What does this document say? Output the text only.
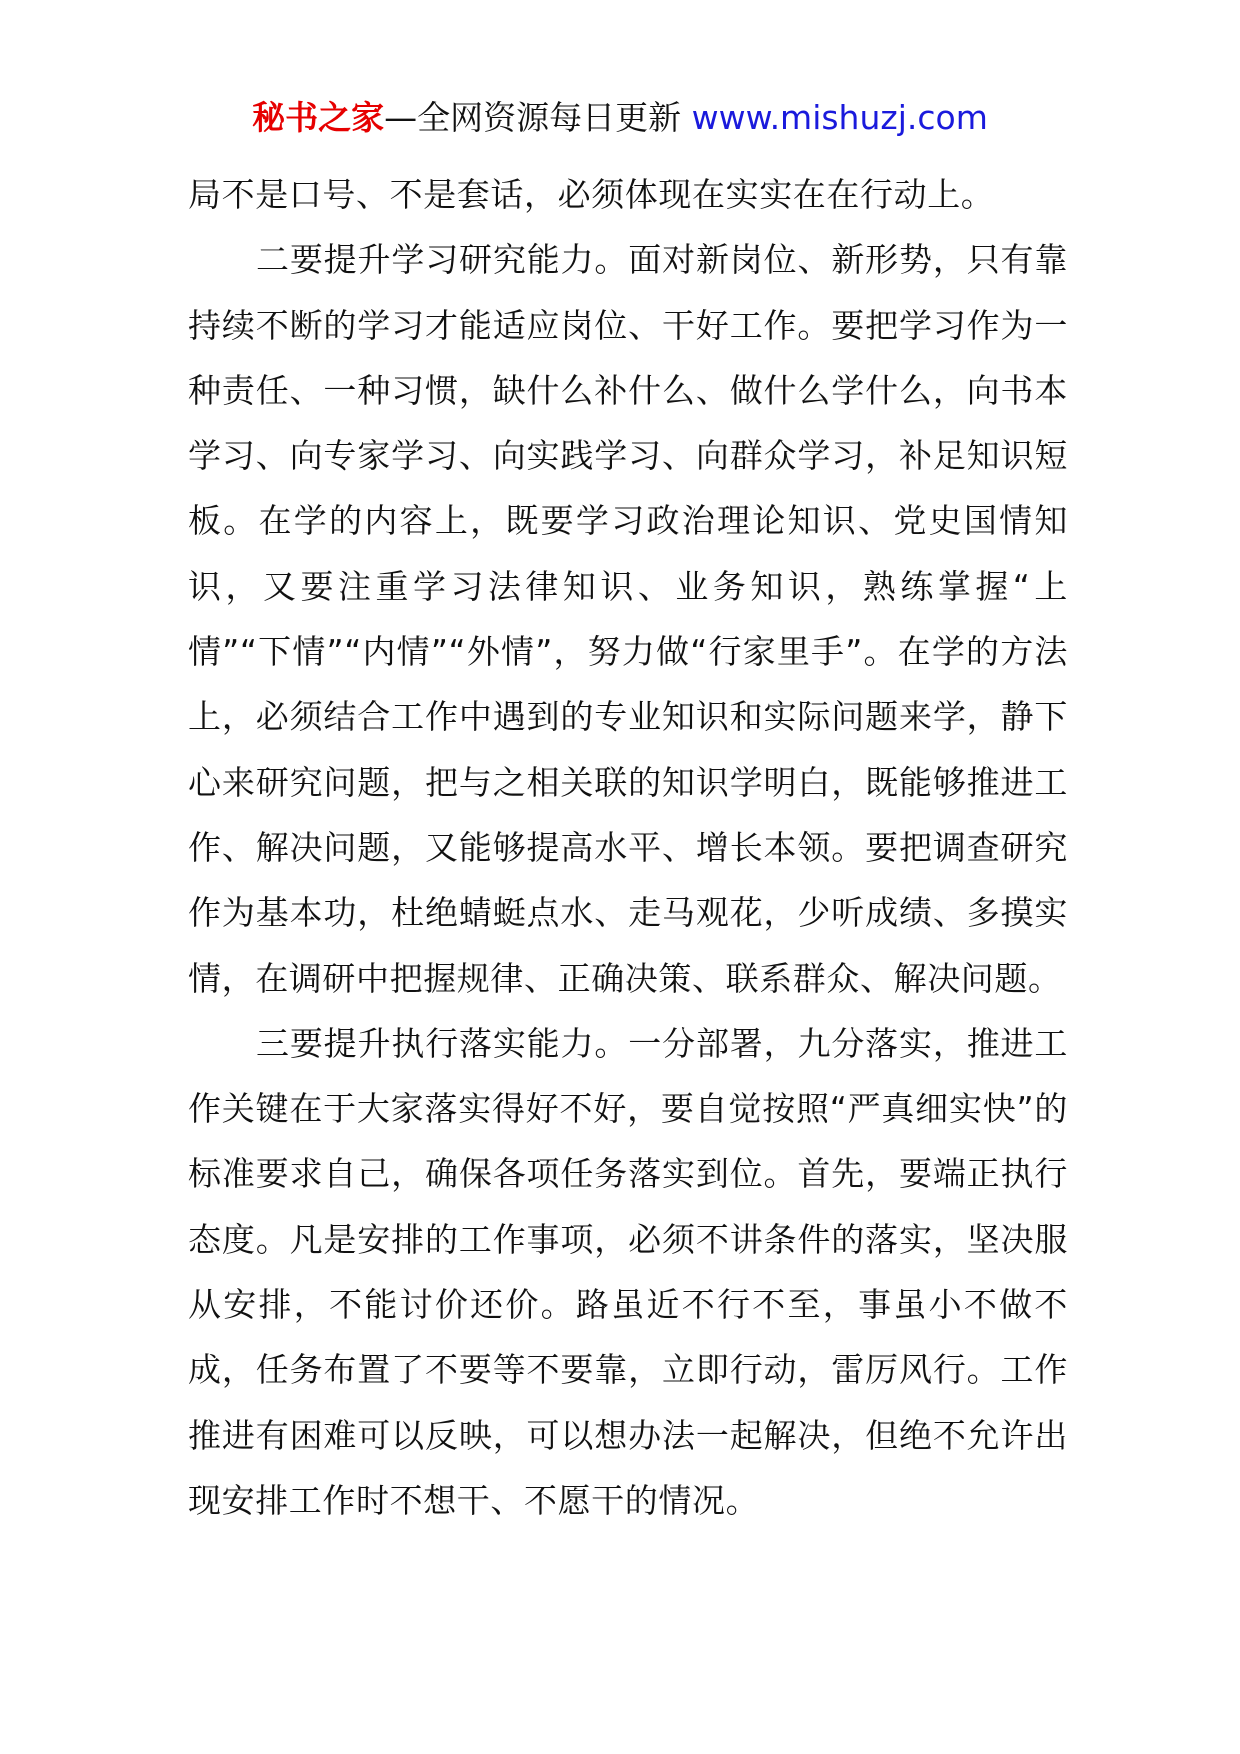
秘书之家—全网资源每日更新 www.mishuzj.com

局不是口号、不是套话，必须体现在实实在在行动上。

二要提升学习研究能力。面对新岗位、新形势，只有靠持续不断的学习才能适应岗位、干好工作。要把学习作为一种责任、一种习惯，缺什么补什么、做什么学什么，向书本学习、向专家学习、向实践学习、向群众学习，补足知识短板。在学的内容上，既要学习政治理论知识、党史国情知识，又要注重学习法律知识、业务知识，熟练掌握“上情”“下情”“内情”“外情”，努力做“行家里手”。在学的方法上，必须结合工作中遇到的专业知识和实际问题来学，静下心来研究问题，把与之相关联的知识学明白，既能够推进工作、解决问题，又能够提高水平、增长本领。要把调查研究作为基本功，杜绝蜻蜓点水、走马观花，少听成绩、多摸实情，在调研中把握规律、正确决策、联系群众、解决问题。

三要提升执行落实能力。一分部署，九分落实，推进工作关键在于大家落实得好不好，要自觉按照“严真细实快”的标准要求自己，确保各项任务落实到位。首先，要端正执行态度。凡是安排的工作事项，必须不讲条件的落实，坚决服从安排，不能讨价还价。路虽近不行不至，事虽小不做不成，任务布置了不要等不要靠，立即行动，雷厉风行。工作推进有困难可以反映，可以想办法一起解决，但绝不允许出现安排工作时不想干、不愿干的情况。
